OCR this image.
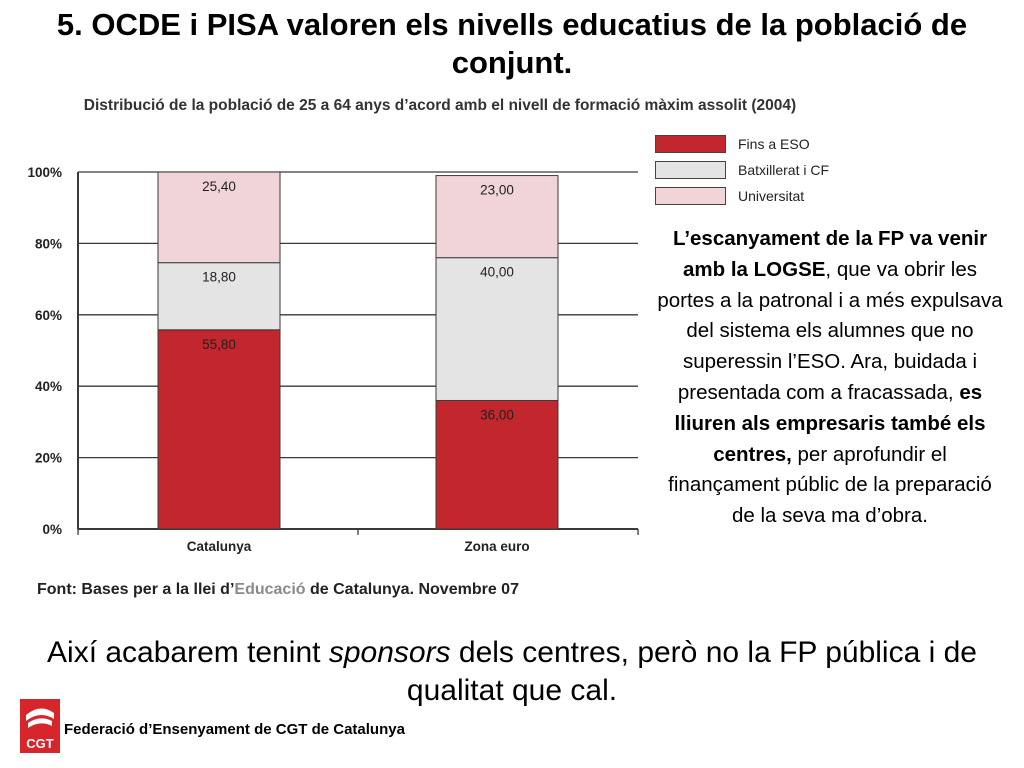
5. OCDE i PISA valoren els nivells educatius de la població de conjunt.
Distribució de la població de 25 a 64 anys d’acord amb el nivell de formació màxim assolit (2004)
0%
20%
40%
60%
80%
100%
55,80
18,80
25,40
Catalunya
36,00
40,00
23,00
Zona euro
Fins a ESO
Batxillerat i CF
Universitat
L’escanyament de la FP va venir amb la LOGSE, que va obrir les portes a la patronal i a més expulsava del sistema els alumnes que no superessin l’ESO. Ara, buidada i presentada com a fracassada, es lliuren als empresaris també els centres, per aprofundir el finançament públic de la preparació de la seva ma d’obra.
Font: Bases per a la llei d’Educació de Catalunya. Novembre 07
Així acabarem tenint sponsors dels centres, però no la FP pública i de qualitat que cal.
CGT
Federació d’Ensenyament de CGT de Catalunya
